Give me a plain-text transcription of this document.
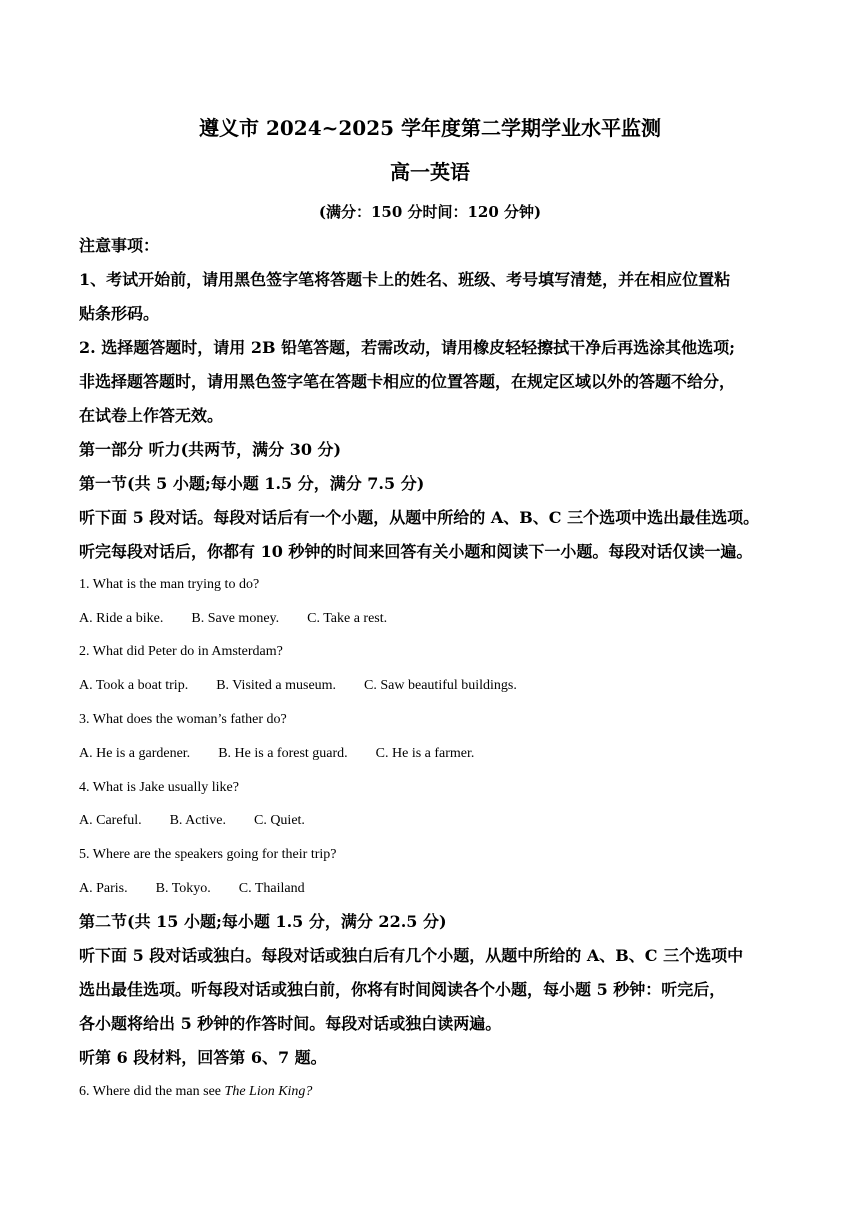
遵义市 2024~2025 学年度第二学期学业水平监测
高一英语
(满分：150 分时间：120 分钟)
注意事项：
1、考试开始前，请用黑色签字笔将答题卡上的姓名、班级、考号填写清楚，并在相应位置粘
贴条形码。
2. 选择题答题时，请用 2B 铅笔答题，若需改动，请用橡皮轻轻擦拭干净后再选涂其他选项;
非选择题答题时，请用黑色签字笔在答题卡相应的位置答题，在规定区域以外的答题不给分，
在试卷上作答无效。
第一部分 听力(共两节，满分 30 分)
第一节(共 5 小题;每小题 1.5 分，满分 7.5 分)
听下面 5 段对话。每段对话后有一个小题，从题中所给的 A、B、C 三个选项中选出最佳选项。
听完每段对话后，你都有 10 秒钟的时间来回答有关小题和阅读下一小题。每段对话仅读一遍。
1. What is the man trying to do?
A. Ride a bike. B. Save money. C. Take a rest.
2. What did Peter do in Amsterdam?
A. Took a boat trip. B. Visited a museum. C. Saw beautiful buildings.
3. What does the woman’s father do?
A. He is a gardener. B. He is a forest guard. C. He is a farmer.
4. What is Jake usually like?
A. Careful. B. Active. C. Quiet.
5. Where are the speakers going for their trip?
A. Paris. B. Tokyo. C. Thailand
第二节(共 15 小题;每小题 1.5 分，满分 22.5 分)
听下面 5 段对话或独白。每段对话或独白后有几个小题，从题中所给的 A、B、C 三个选项中
选出最佳选项。听每段对话或独白前，你将有时间阅读各个小题，每小题 5 秒钟：听完后，
各小题将给出 5 秒钟的作答时间。每段对话或独白读两遍。
听第 6 段材料，回答第 6、7 题。
6. Where did the man see The Lion King?
